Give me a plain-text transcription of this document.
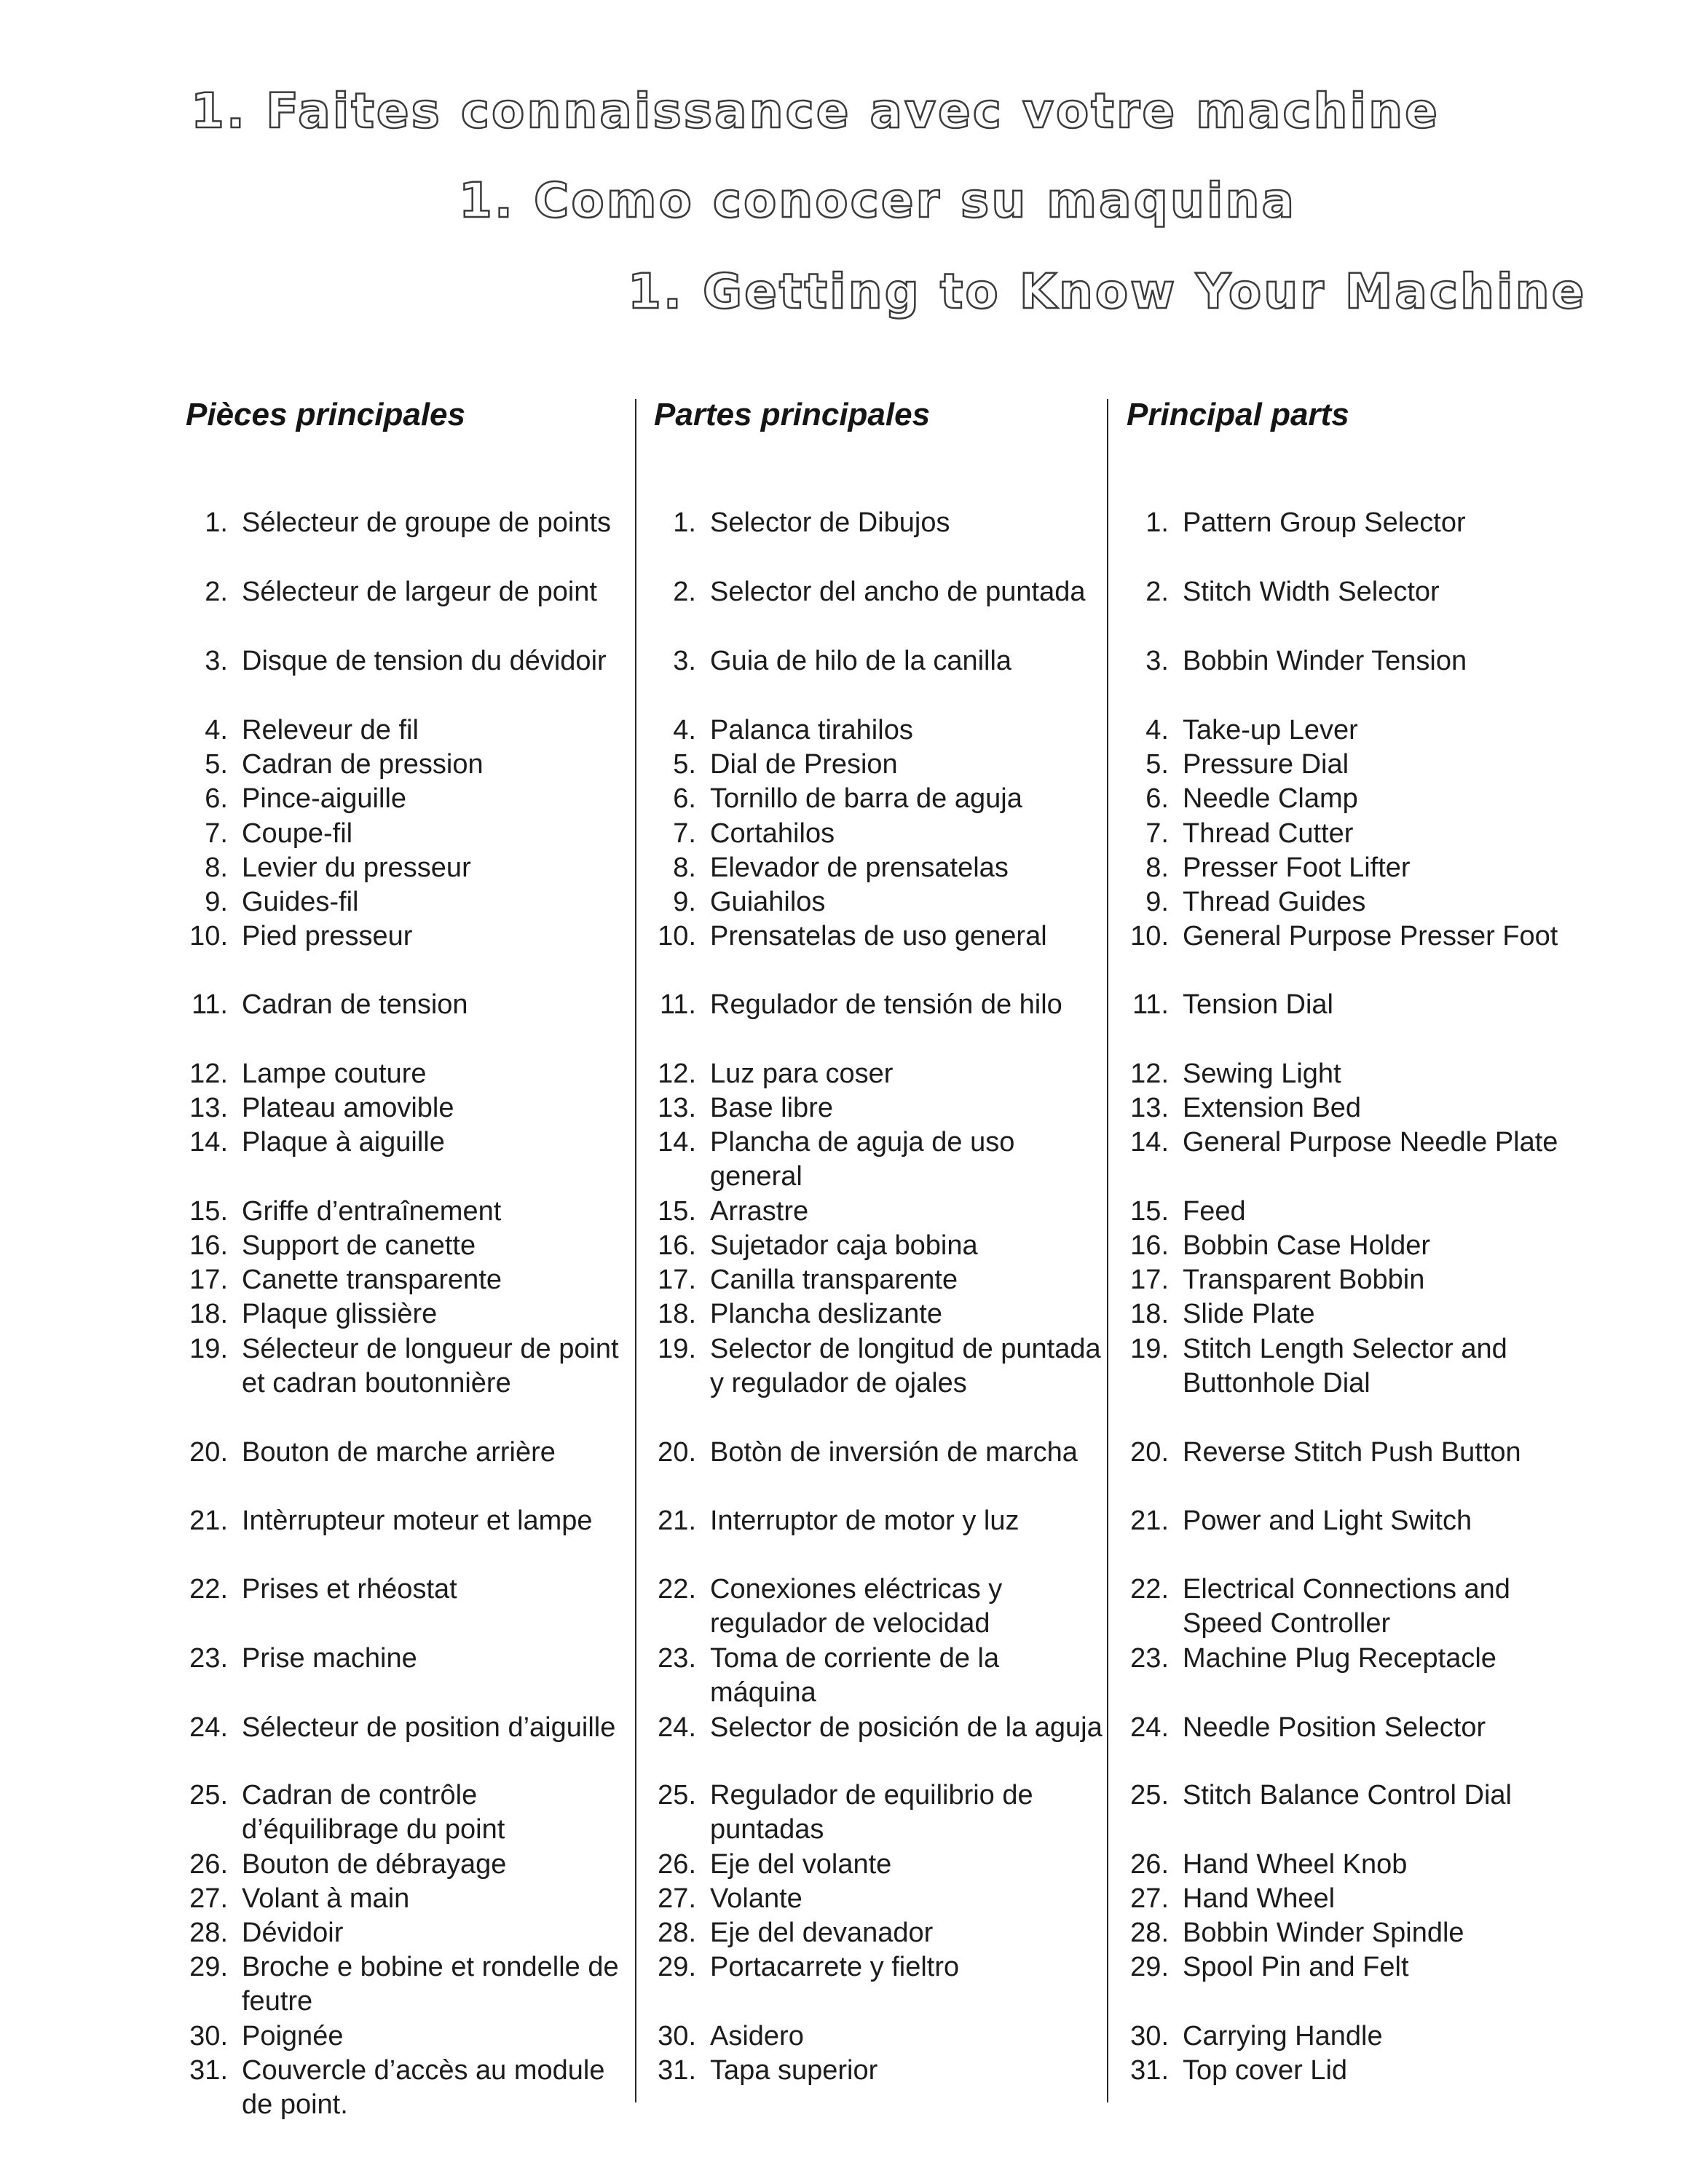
1. Faites connaissance avec votre machine
1. Como conocer su maquina
1. Getting to Know Your Machine
Pièces principales
1. Sélecteur de groupe de points
2. Sélecteur de largeur de point
3. Disque de tension du dévidoir
4. Releveur de fil
5. Cadran de pression
6. Pince-aiguille
7. Coupe-fil
8. Levier du presseur
9. Guides-fil
10. Pied presseur
11. Cadran de tension
12. Lampe couture
13. Plateau amovible
14. Plaque à aiguille
15. Griffe d’entraînement
16. Support de canette
17. Canette transparente
18. Plaque glissière
19. Sélecteur de longueur de point et cadran boutonnière
20. Bouton de marche arrière
21. Intèrrupteur moteur et lampe
22. Prises et rhéostat
23. Prise machine
24. Sélecteur de position d’aiguille
25. Cadran de contrôle d’équilibrage du point
26. Bouton de débrayage
27. Volant à main
28. Dévidoir
29. Broche e bobine et rondelle de feutre
30. Poignée
31. Couvercle d’accès au module de point.
Partes principales
1. Selector de Dibujos
2. Selector del ancho de puntada
3. Guia de hilo de la canilla
4. Palanca tirahilos
5. Dial de Presion
6. Tornillo de barra de aguja
7. Cortahilos
8. Elevador de prensatelas
9. Guiahilos
10. Prensatelas de uso general
11. Regulador de tensión de hilo
12. Luz para coser
13. Base libre
14. Plancha de aguja de uso general
15. Arrastre
16. Sujetador caja bobina
17. Canilla transparente
18. Plancha deslizante
19. Selector de longitud de puntada y regulador de ojales
20. Botòn de inversión de marcha
21. Interruptor de motor y luz
22. Conexiones eléctricas y regulador de velocidad
23. Toma de corriente de la máquina
24. Selector de posición de la aguja
25. Regulador de equilibrio de puntadas
26. Eje del volante
27. Volante
28. Eje del devanador
29. Portacarrete y fieltro
30. Asidero
31. Tapa superior
Principal parts
1. Pattern Group Selector
2. Stitch Width Selector
3. Bobbin Winder Tension
4. Take-up Lever
5. Pressure Dial
6. Needle Clamp
7. Thread Cutter
8. Presser Foot Lifter
9. Thread Guides
10. General Purpose Presser Foot
11. Tension Dial
12. Sewing Light
13. Extension Bed
14. General Purpose Needle Plate
15. Feed
16. Bobbin Case Holder
17. Transparent Bobbin
18. Slide Plate
19. Stitch Length Selector and Buttonhole Dial
20. Reverse Stitch Push Button
21. Power and Light Switch
22. Electrical Connections and Speed Controller
23. Machine Plug Receptacle
24. Needle Position Selector
25. Stitch Balance Control Dial
26. Hand Wheel Knob
27. Hand Wheel
28. Bobbin Winder Spindle
29. Spool Pin and Felt
30. Carrying Handle
31. Top cover Lid
